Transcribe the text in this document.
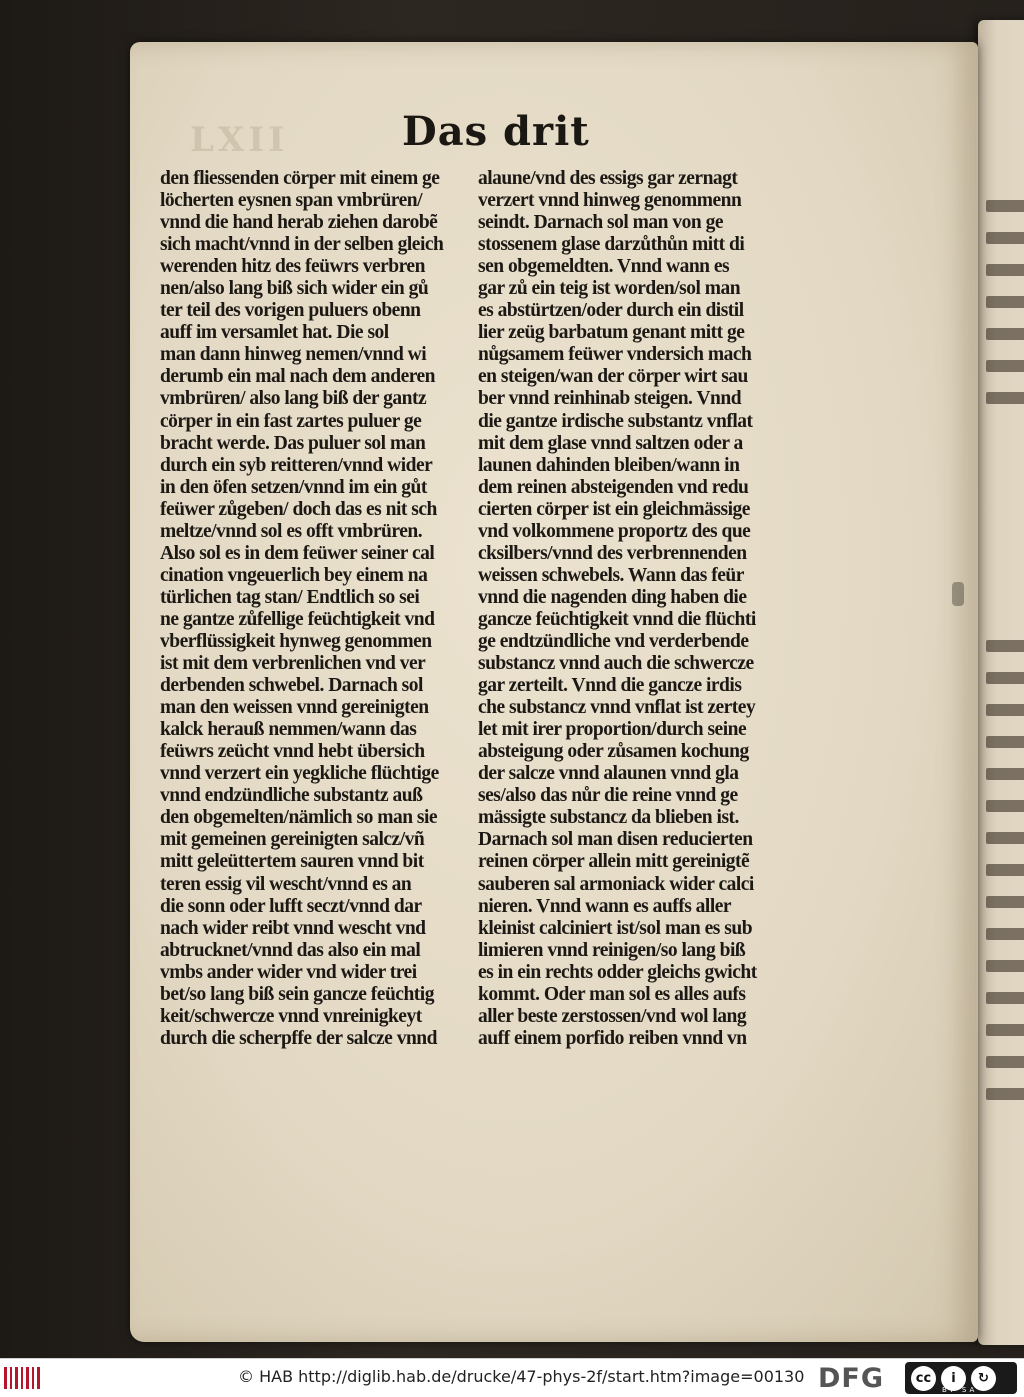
LXII	Das drit
den fliessenden cörper mit einem ge
löcherten eysnen span vmbrüren/
vnnd die hand herab ziehen darobẽ
sich macht/vnnd in der selben gleich
werenden hitz des feüwrs verbren
nen/also lang biß sich wider ein gů
ter teil des vorigen puluers obenn
auff im versamlet hat. Die sol
man dann hinweg nemen/vnnd wi
derumb ein mal nach dem anderen
vmbrüren/ also lang biß der gantz
cörper in ein fast zartes puluer ge
bracht werde. Das puluer sol man
durch ein syb reitteren/vnnd wider
in den öfen setzen/vnnd im ein gůt
feüwer zůgeben/ doch das es nit sch
meltze/vnnd sol es offt vmbrüren.
Also sol es in dem feüwer seiner cal
cination vngeuerlich bey einem na
türlichen tag stan/ Endtlich so sei
ne gantze zůfellige feüchtigkeit vnd
vberflüssigkeit hynweg genommen
ist mit dem verbrenlichen vnd ver
derbenden schwebel. Darnach sol
man den weissen vnnd gereinigten
kalck herauß nemmen/wann das
feüwrs zeücht vnnd hebt übersich
vnnd verzert ein yegkliche flüchtige
vnnd endzündliche substantz auß
den obgemelten/nämlich so man sie
mit gemeinen gereinigten salcz/vñ
mitt geleüttertem sauren vnnd bit
teren essig vil wescht/vnnd es an
die sonn oder lufft seczt/vnnd dar
nach wider reibt vnnd wescht vnd
abtrucknet/vnnd das also ein mal
vmbs ander wider vnd wider trei
bet/so lang biß sein gancze feüchtig
keit/schwercze vnnd vnreinigkeyt
durch die scherpffe der salcze vnnd
alaune/vnd des essigs gar zernagt
verzert vnnd hinweg genommenn
seindt. Darnach sol man von ge
stossenem glase darzůthůn mitt di
sen obgemeldten. Vnnd wann es
gar zů ein teig ist worden/sol man
es abstürtzen/oder durch ein distil
lier zeüg barbatum genant mitt ge
nůgsamem feüwer vndersich mach
en steigen/wan der cörper wirt sau
ber vnnd reinhinab steigen. Vnnd
die gantze irdische substantz vnflat
mit dem glase vnnd saltzen oder a
launen dahinden bleiben/wann in
dem reinen absteigenden vnd redu
cierten cörper ist ein gleichmässige
vnd volkommene proportz des que
cksilbers/vnnd des verbrennenden
weissen schwebels. Wann das feür
vnnd die nagenden ding haben die
gancze feüchtigkeit vnnd die flüchti
ge endtzündliche vnd verderbende
substancz vnnd auch die schwercze
gar zerteilt. Vnnd die gancze irdis
che substancz vnnd vnflat ist zertey
let mit irer proportion/durch seine
absteigung oder zůsamen kochung
der salcze vnnd alaunen vnnd gla
ses/also das nůr die reine vnnd ge
mässigte substancz da blieben ist.
Darnach sol man disen reducierten
reinen cörper allein mitt gereinigtẽ
sauberen sal armoniack wider calci
nieren. Vnnd wann es auffs aller
kleinist calciniert ist/sol man es sub
limieren vnnd reinigen/so lang biß
es in ein rechts odder gleichs gwicht
kommt. Oder man sol es alles aufs
aller beste zerstossen/vnd wol lang
auff einem porfido reiben vnnd vn
© HAB http://diglib.hab.de/drucke/47-phys-2f/start.htm?image=00130 DFG	cc	i	↻
BY SA
